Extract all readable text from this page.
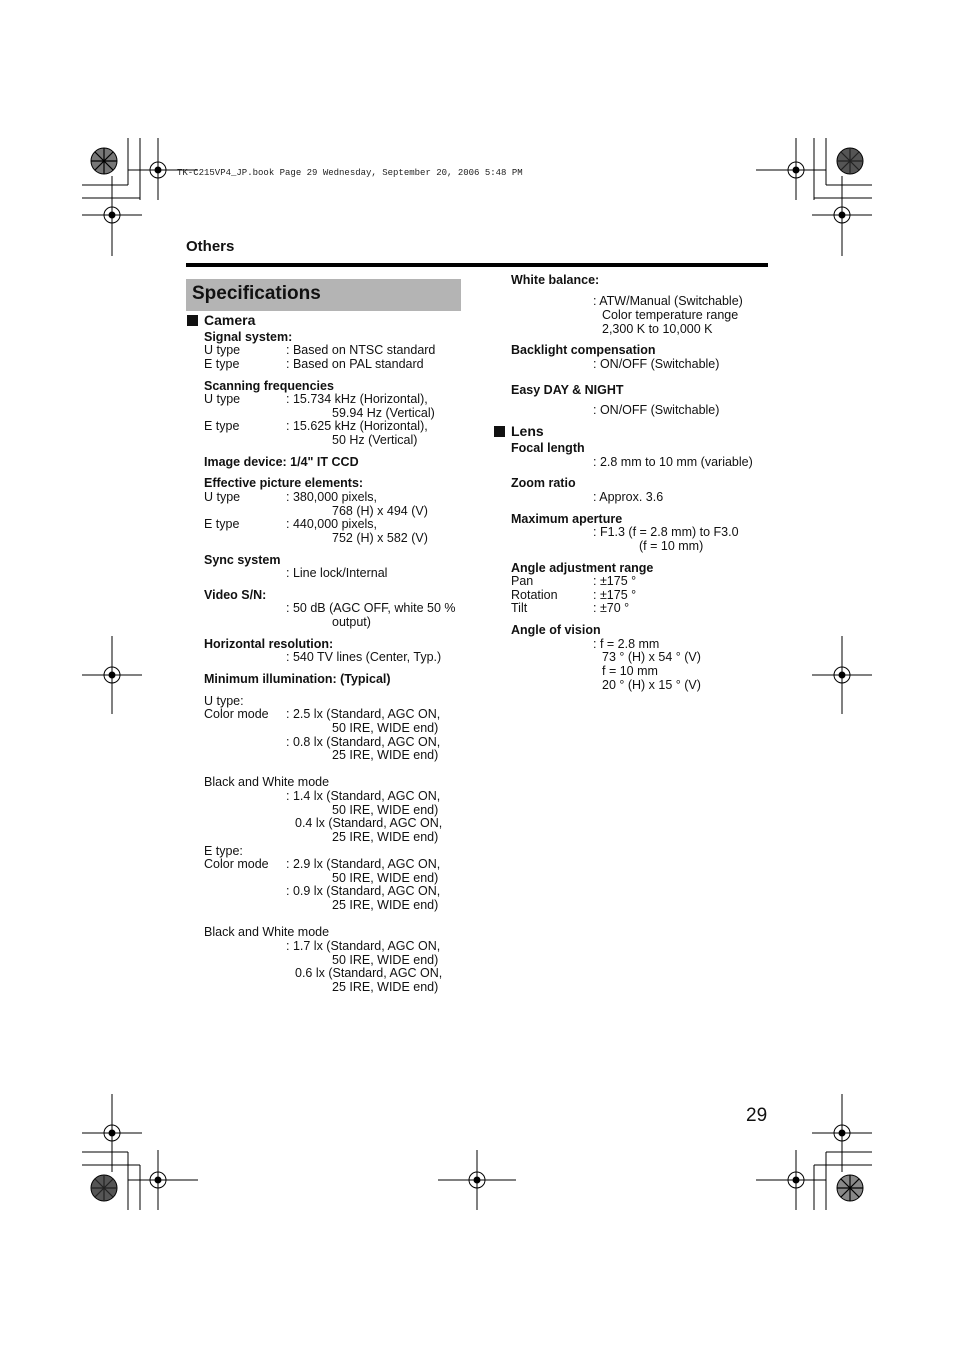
TK-C215VP4_JP.book Page 29 Wednesday, September 20, 2006 5:48 PM
Others
Specifications
Camera
Signal system:
U type	: Based on NTSC standard
E type	: Based on PAL standard
Scanning frequencies
U type	: 15.734 kHz (Horizontal),
59.94 Hz (Vertical)
E type	: 15.625 kHz (Horizontal),
50 Hz (Vertical)
Image device: 1/4" IT CCD
Effective picture elements:
U type	: 380,000 pixels,
768 (H) x 494 (V)
E type	: 440,000 pixels,
752 (H) x 582 (V)
Sync system
: Line lock/Internal
Video S/N:
: 50 dB (AGC OFF, white 50 %
output)
Horizontal resolution:
: 540 TV lines (Center, Typ.)
Minimum illumination: (Typical)
U type:
Color mode : 2.5 lx (Standard, AGC ON,
50 IRE, WIDE end)
: 0.8 lx (Standard, AGC ON,
25 IRE, WIDE end)
Black and White mode
: 1.4 lx (Standard, AGC ON,
50 IRE, WIDE end)
0.4 lx (Standard, AGC ON,
25 IRE, WIDE end)
E type:
Color mode : 2.9 lx (Standard, AGC ON,
50 IRE, WIDE end)
: 0.9 lx (Standard, AGC ON,
25 IRE, WIDE end)
Black and White mode
: 1.7 lx (Standard, AGC ON,
50 IRE, WIDE end)
0.6 lx (Standard, AGC ON,
25 IRE, WIDE end)
White balance:
: ATW/Manual (Switchable)
Color temperature range
2,300 K to 10,000 K
Backlight compensation
: ON/OFF (Switchable)
Easy DAY & NIGHT
: ON/OFF (Switchable)
Lens
Focal length
: 2.8 mm to 10 mm (variable)
Zoom ratio
: Approx. 3.6
Maximum aperture
: F1.3 (f = 2.8 mm) to F3.0
(f = 10 mm)
Angle adjustment range
Pan	: ±175 °
Rotation	: ±175 °
Tilt	: ±70 °
Angle of vision
: f = 2.8 mm
73 ° (H) x 54 ° (V)
f = 10 mm
20 ° (H) x 15 ° (V)
29
